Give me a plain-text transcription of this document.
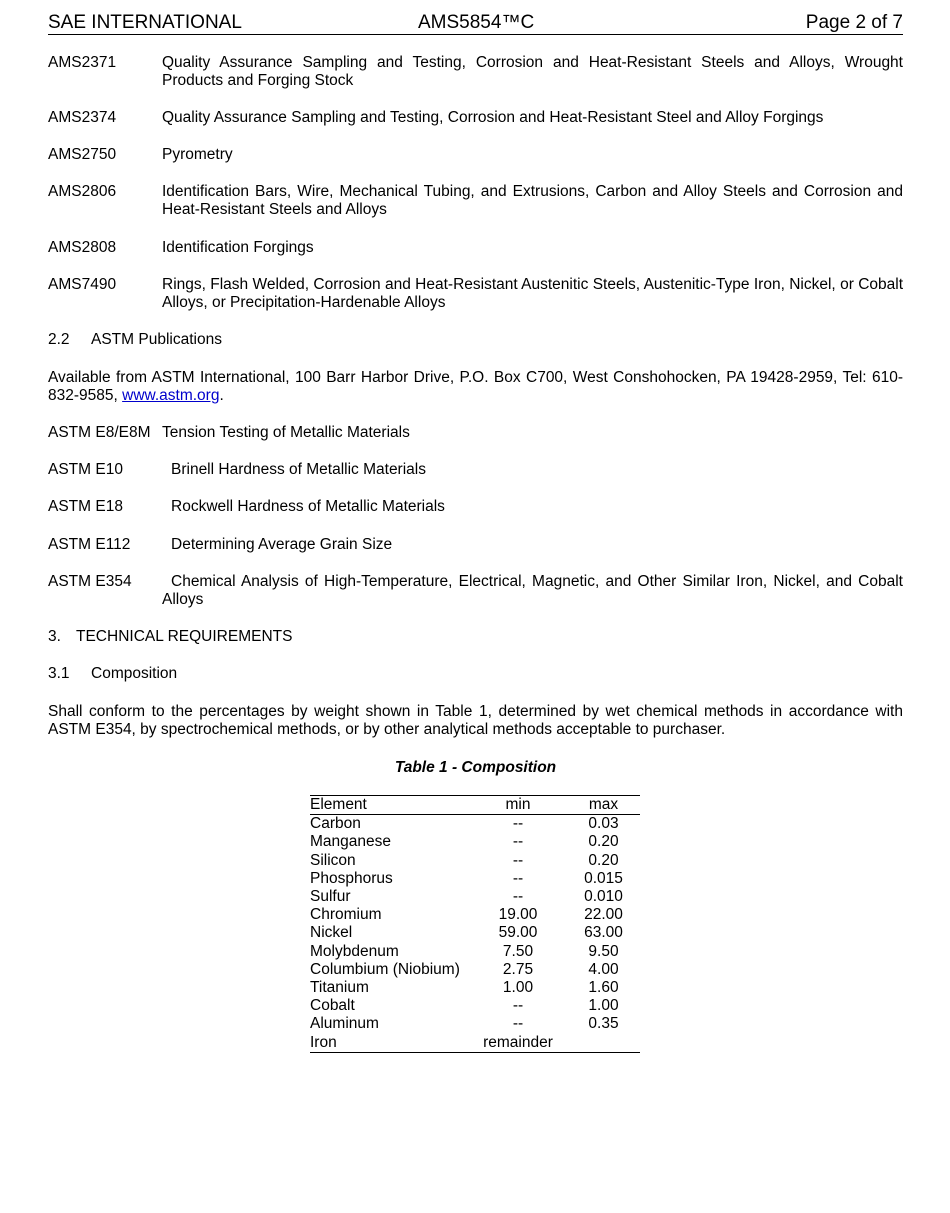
SAE INTERNATIONAL	AMS5854™C	Page 2 of 7
AMS2371	Quality Assurance Sampling and Testing, Corrosion and Heat-Resistant Steels and Alloys, Wrought Products and Forging Stock
AMS2374	Quality Assurance Sampling and Testing, Corrosion and Heat-Resistant Steel and Alloy Forgings
AMS2750	Pyrometry
AMS2806	Identification Bars, Wire, Mechanical Tubing, and Extrusions, Carbon and Alloy Steels and Corrosion and Heat-Resistant Steels and Alloys
AMS2808	Identification Forgings
AMS7490	Rings, Flash Welded, Corrosion and Heat-Resistant Austenitic Steels, Austenitic-Type Iron, Nickel, or Cobalt Alloys, or Precipitation-Hardenable Alloys
2.2 ASTM Publications
Available from ASTM International, 100 Barr Harbor Drive, P.O. Box C700, West Conshohocken, PA 19428-2959, Tel: 610-832-9585, www.astm.org.
ASTM E8/E8M Tension Testing of Metallic Materials
ASTM E10	Brinell Hardness of Metallic Materials
ASTM E18	Rockwell Hardness of Metallic Materials
ASTM E112	Determining Average Grain Size
ASTM E354	Chemical Analysis of High-Temperature, Electrical, Magnetic, and Other Similar Iron, Nickel, and Cobalt Alloys
3. TECHNICAL REQUIREMENTS
3.1 Composition
Shall conform to the percentages by weight shown in Table 1, determined by wet chemical methods in accordance with ASTM E354, by spectrochemical methods, or by other analytical methods acceptable to purchaser.
Table 1 - Composition
Element	min	max
Carbon	--	0.03
Manganese	--	0.20
Silicon	--	0.20
Phosphorus	--	0.015
Sulfur	--	0.010
Chromium	19.00	22.00
Nickel	59.00	63.00
Molybdenum	7.50	9.50
Columbium (Niobium)	2.75	4.00
Titanium	1.00	1.60
Cobalt	--	1.00
Aluminum	--	0.35
Iron	remainder	
